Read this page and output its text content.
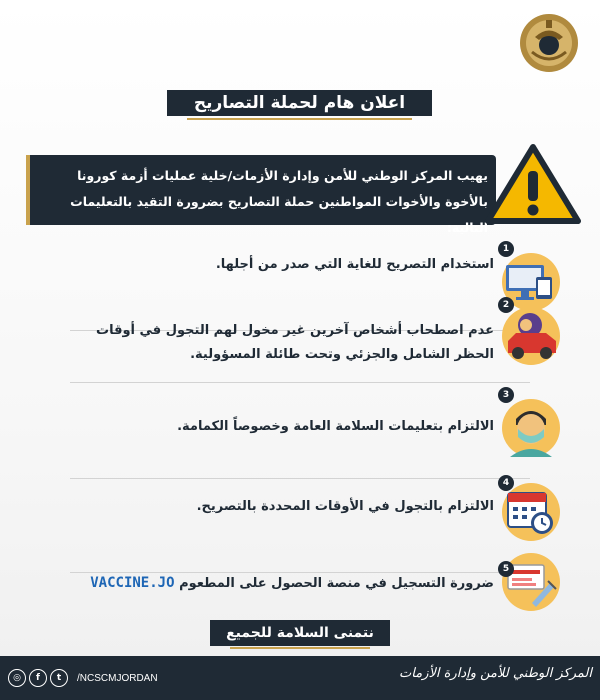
اعلان هام لحملة التصاريح
يهيب المركز الوطني للأمن وإدارة الأزمات/خلية عمليات أزمة كورونا بالأخوة والأخوات المواطنين حملة التصاريح بضرورة التقيد بالتعليمات التالية:
1
استخدام التصريح للغاية التي صدر من أجلها.
2
عدم اصطحاب أشخاص آخرين غير مخول لهم التجول في أوقات الحظر الشامل والجزئي وتحت طائلة المسؤولية.
3
الالتزام بتعليمات السلامة العامة وخصوصاً الكمامة.
4
الالتزام بالتجول في الأوقات المحددة بالتصريح.
5
ضرورة التسجيل في منصة الحصول على المطعوم VACCINE.JO
نتمنى السلامة للجميع
◎	f	t	/NCSCMJORDAN	المركز الوطني للأمن وإدارة الأزمات
